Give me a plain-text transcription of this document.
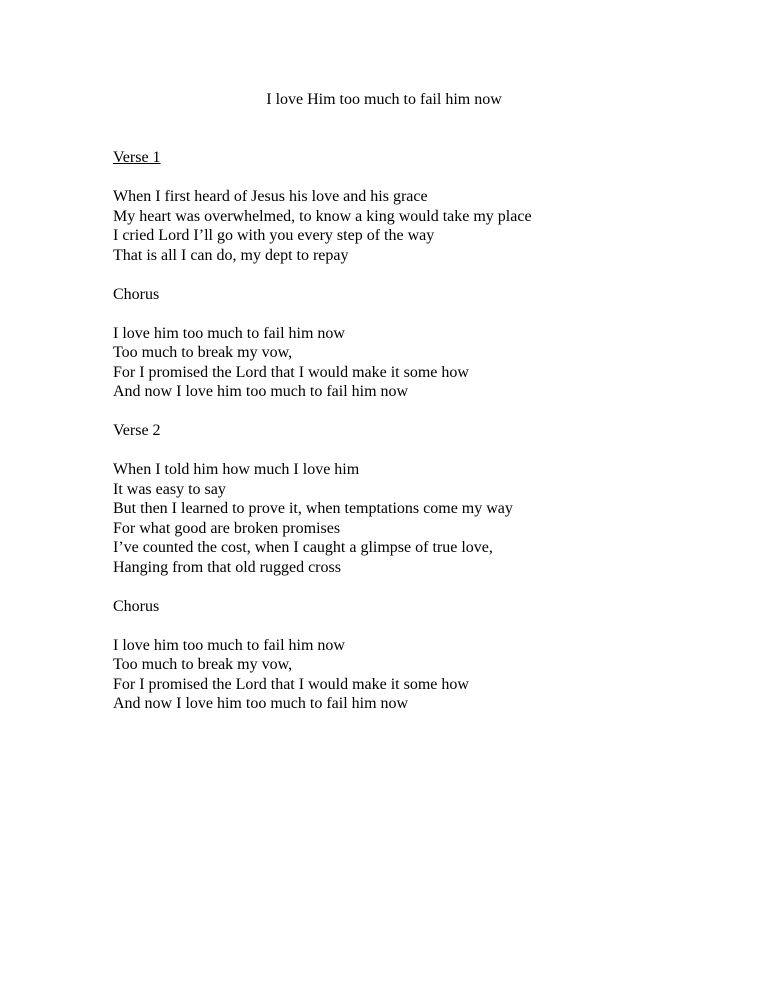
I love Him too much to fail him now

Verse 1

When I first heard of Jesus his love and his grace

My heart was overwhelmed, to know a king would take my place

I cried Lord I’ll go with you every step of the way

That is all I can do, my dept to repay

Chorus

I love him too much to fail him now

Too much to break my vow,

For I promised the Lord that I would make it some how

And now I love him too much to fail him now

Verse 2

When I told him how much I love him

It was easy to say

But then I learned to prove it, when temptations come my way

For what good are broken promises

I’ve counted the cost, when I caught a glimpse of true love,

Hanging from that old rugged cross

Chorus

I love him too much to fail him now

Too much to break my vow,

For I promised the Lord that I would make it some how

And now I love him too much to fail him now
